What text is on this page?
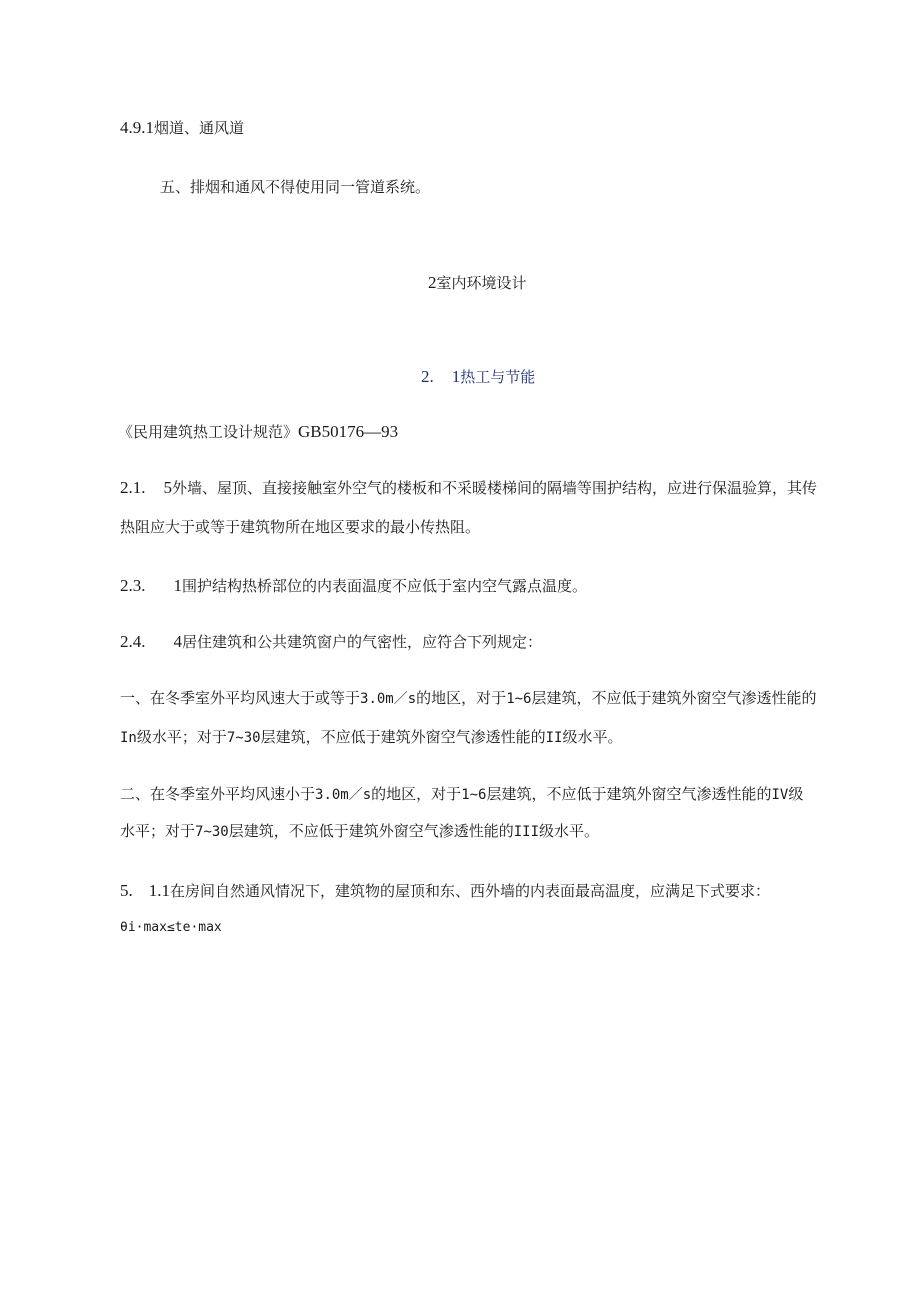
4.9.1烟道、通风道
五、排烟和通风不得使用同一管道系统。
2室内环境设计
2. 1热工与节能
《民用建筑热工设计规范》GB50176—93
2.1. 5外墙、屋顶、直接接触室外空气的楼板和不采暖楼梯间的隔墙等围护结构，应进行保温验算，其传
热阻应大于或等于建筑物所在地区要求的最小传热阻。
2.3. 1围护结构热桥部位的内表面温度不应低于室内空气露点温度。
2.4. 4居住建筑和公共建筑窗户的气密性，应符合下列规定：
一、在冬季室外平均风速大于或等于3.0m／s的地区，对于1~6层建筑，不应低于建筑外窗空气渗透性能的
In级水平；对于7~30层建筑，不应低于建筑外窗空气渗透性能的II级水平。
二、在冬季室外平均风速小于3.0m／s的地区，对于1~6层建筑，不应低于建筑外窗空气渗透性能的IV级
水平；对于7~30层建筑，不应低于建筑外窗空气渗透性能的III级水平。
5. 1.1在房间自然通风情况下，建筑物的屋顶和东、西外墙的内表面最高温度，应满足下式要求：
θi·max≤te·max
